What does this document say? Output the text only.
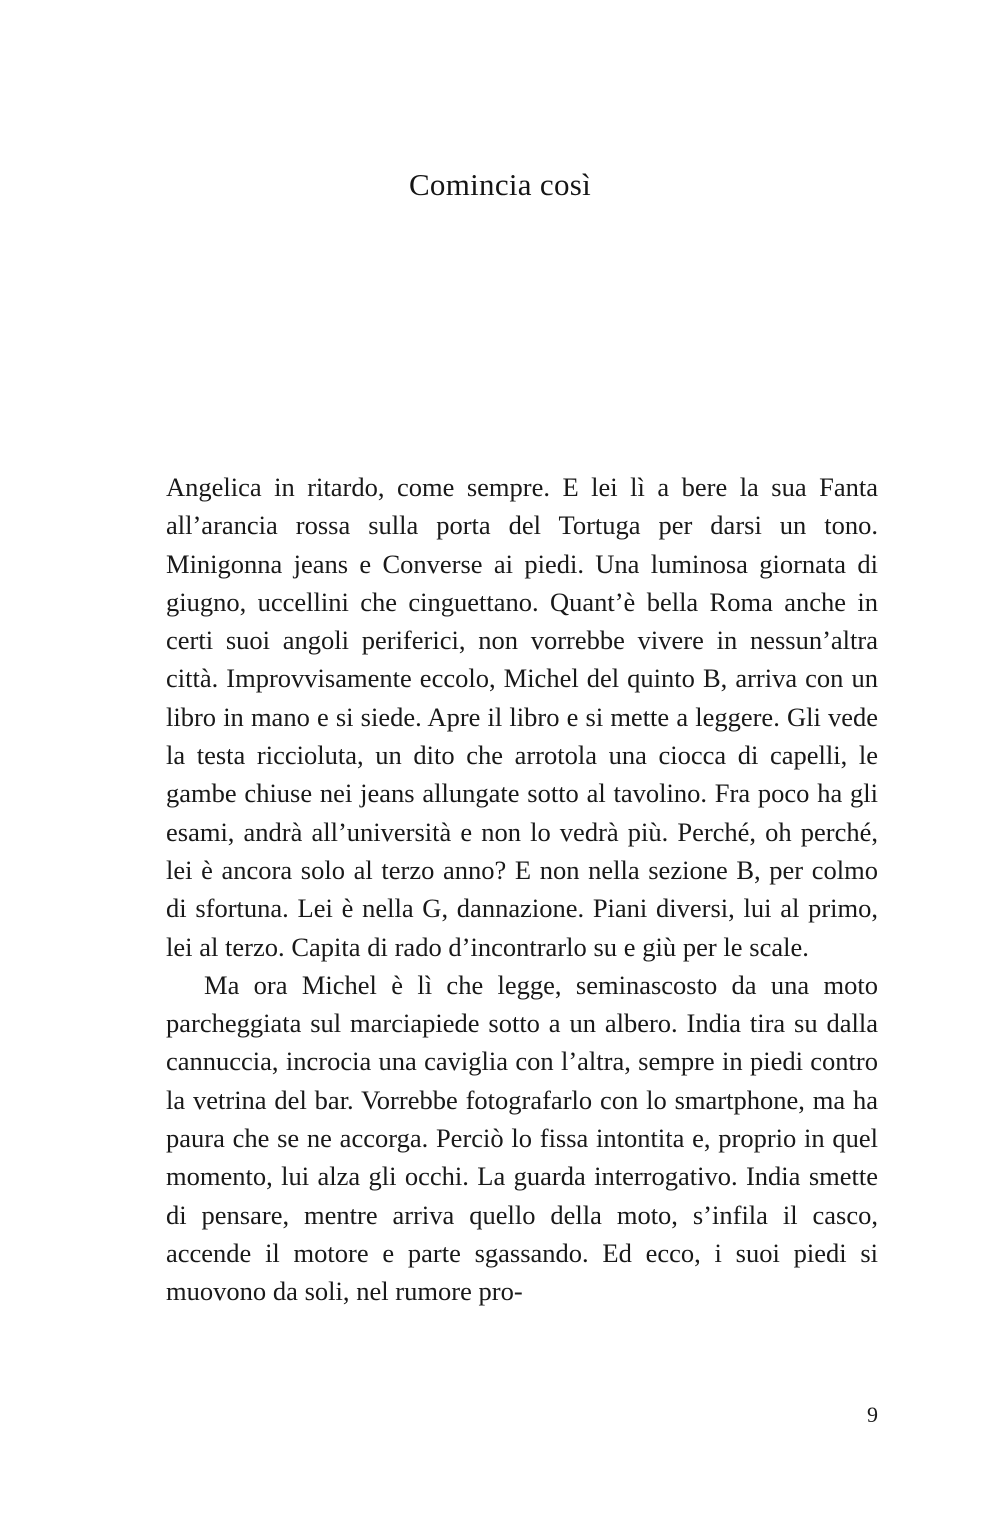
Comincia così

Angelica in ritardo, come sempre. E lei lì a bere la sua Fanta all’arancia rossa sulla porta del Tortuga per darsi un tono. Minigonna jeans e Converse ai piedi. Una luminosa giornata di giugno, uccellini che cinguettano. Quant’è bella Roma anche in certi suoi angoli periferici, non vorrebbe vivere in nessun’altra città. Improvvisamente eccolo, Michel del quinto B, arriva con un libro in mano e si siede. Apre il libro e si mette a leggere. Gli vede la testa riccioluta, un dito che arrotola una ciocca di capelli, le gambe chiuse nei jeans allungate sotto al tavolino. Fra poco ha gli esami, andrà all’università e non lo vedrà più. Perché, oh perché, lei è ancora solo al terzo anno? E non nella sezione B, per colmo di sfortuna. Lei è nella G, dannazione. Piani diversi, lui al primo, lei al terzo. Capita di rado d’incontrarlo su e giù per le scale.

Ma ora Michel è lì che legge, seminascosto da una moto parcheggiata sul marciapiede sotto a un albero. India tira su dalla cannuccia, incrocia una caviglia con l’altra, sempre in piedi contro la vetrina del bar. Vorrebbe fotografarlo con lo smartphone, ma ha paura che se ne accorga. Perciò lo fissa intontita e, proprio in quel momento, lui alza gli occhi. La guarda interrogativo. India smette di pensare, mentre arriva quello della moto, s’infila il casco, accende il motore e parte sgassando. Ed ecco, i suoi piedi si muovono da soli, nel rumore pro-

9
